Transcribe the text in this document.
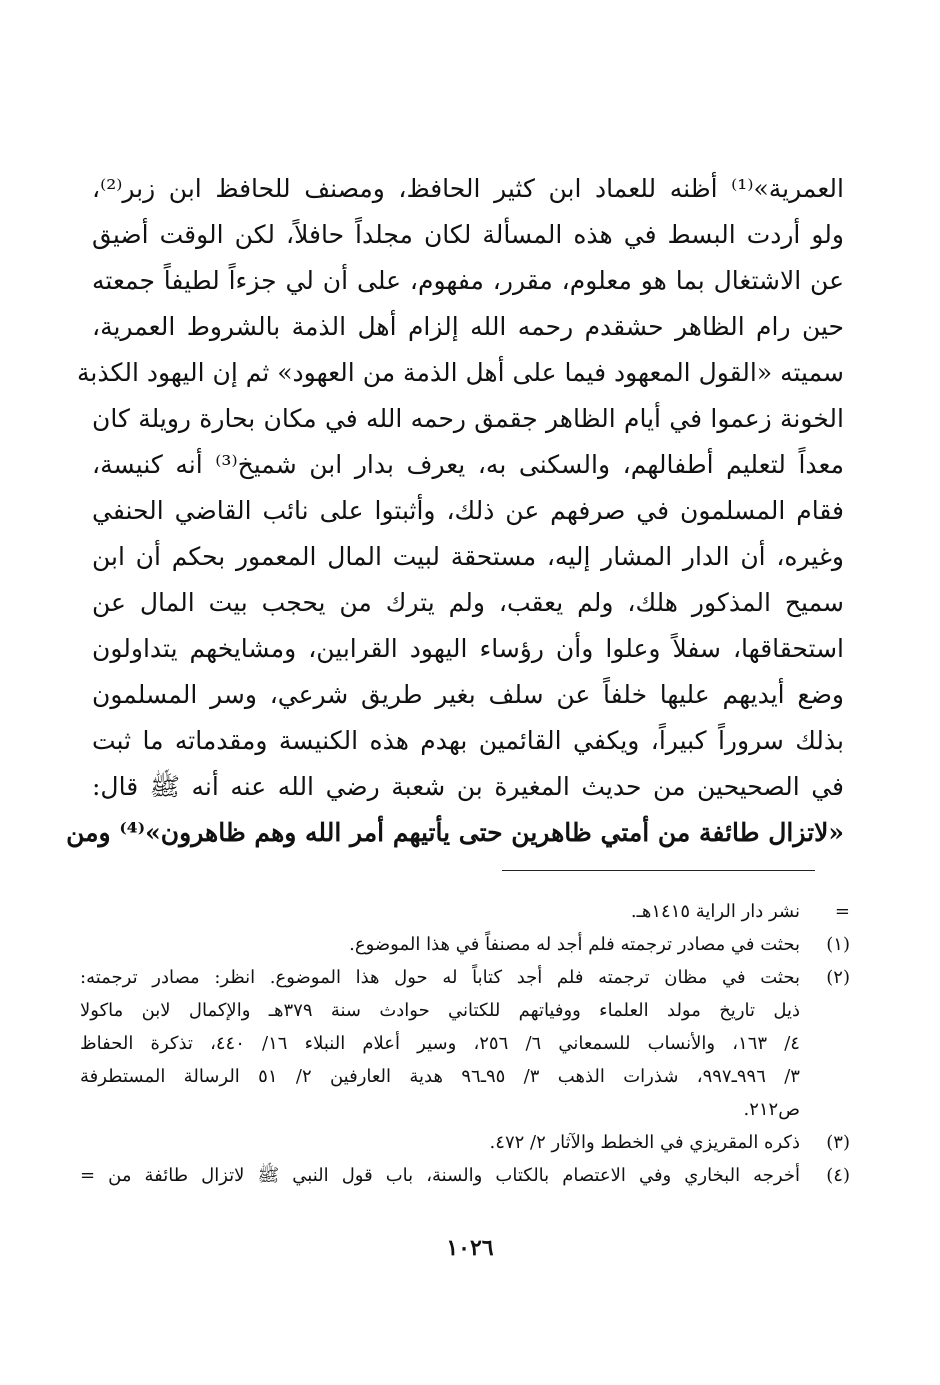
العمرية»⁽¹⁾ أظنه للعماد ابن كثير الحافظ، ومصنف للحافظ ابن زبر⁽²⁾،
ولو أردت البسط في هذه المسألة لكان مجلداً حافلاً، لكن الوقت أضيق
عن الاشتغال بما هو معلوم، مقرر، مفهوم، على أن لي جزءاً لطيفاً جمعته
حين رام الظاهر حشقدم رحمه الله إلزام أهل الذمة بالشروط العمرية،
سميته «القول المعهود فيما على أهل الذمة من العهود» ثم إن اليهود الكذبة
الخونة زعموا في أيام الظاهر جقمق رحمه الله في مكان بحارة رويلة كان
معداً لتعليم أطفالهم، والسكنى به، يعرف بدار ابن شميخ⁽³⁾ أنه كنيسة،
فقام المسلمون في صرفهم عن ذلك، وأثبتوا على نائب القاضي الحنفي
وغيره، أن الدار المشار إليه، مستحقة لبيت المال المعمور بحكم أن ابن
سميح المذكور هلك، ولم يعقب، ولم يترك من يحجب بيت المال عن
استحقاقها، سفلاً وعلوا وأن رؤساء اليهود القرابين، ومشايخهم يتداولون
وضع أيديهم عليها خلفاً عن سلف بغير طريق شرعي، وسر المسلمون
بذلك سروراً كبيراً، ويكفي القائمين بهدم هذه الكنيسة ومقدماته ما ثبت
في الصحيحين من حديث المغيرة بن شعبة رضي الله عنه أنه ﷺ قال:
«لاتزال طائفة من أمتي ظاهرين حتى يأتيهم أمر الله وهم ظاهرون»⁽⁴⁾ ومن
=
نشر دار الراية ١٤١٥هـ.
(١)
بحثت في مصادر ترجمته فلم أجد له مصنفاً في هذا الموضوع.
(٢)
بحثت في مظان ترجمته فلم أجد كتاباً له حول هذا الموضوع. انظر: مصادر ترجمته:
ذيل تاريخ مولد العلماء ووفياتهم للكتاني حوادث سنة ٣٧٩هـ والإكمال لابن ماكولا
٤/ ١٦٣، والأنساب للسمعاني ٦/ ٢٥٦، وسير أعلام النبلاء ١٦/ ٤٤٠، تذكرة الحفاظ
٣/ ٩٩٦ـ٩٩٧، شذرات الذهب ٣/ ٩٥ـ٩٦ هدية العارفين ٢/ ٥١ الرسالة المستطرفة
ص٢١٢.
(٣)
ذكره المقريزي في الخطط والآثار ٢/ ٤٧٢.
(٤)
أخرجه البخاري وفي الاعتصام بالكتاب والسنة، باب قول النبي ﷺ لاتزال طائفة من =
١٠٢٦
